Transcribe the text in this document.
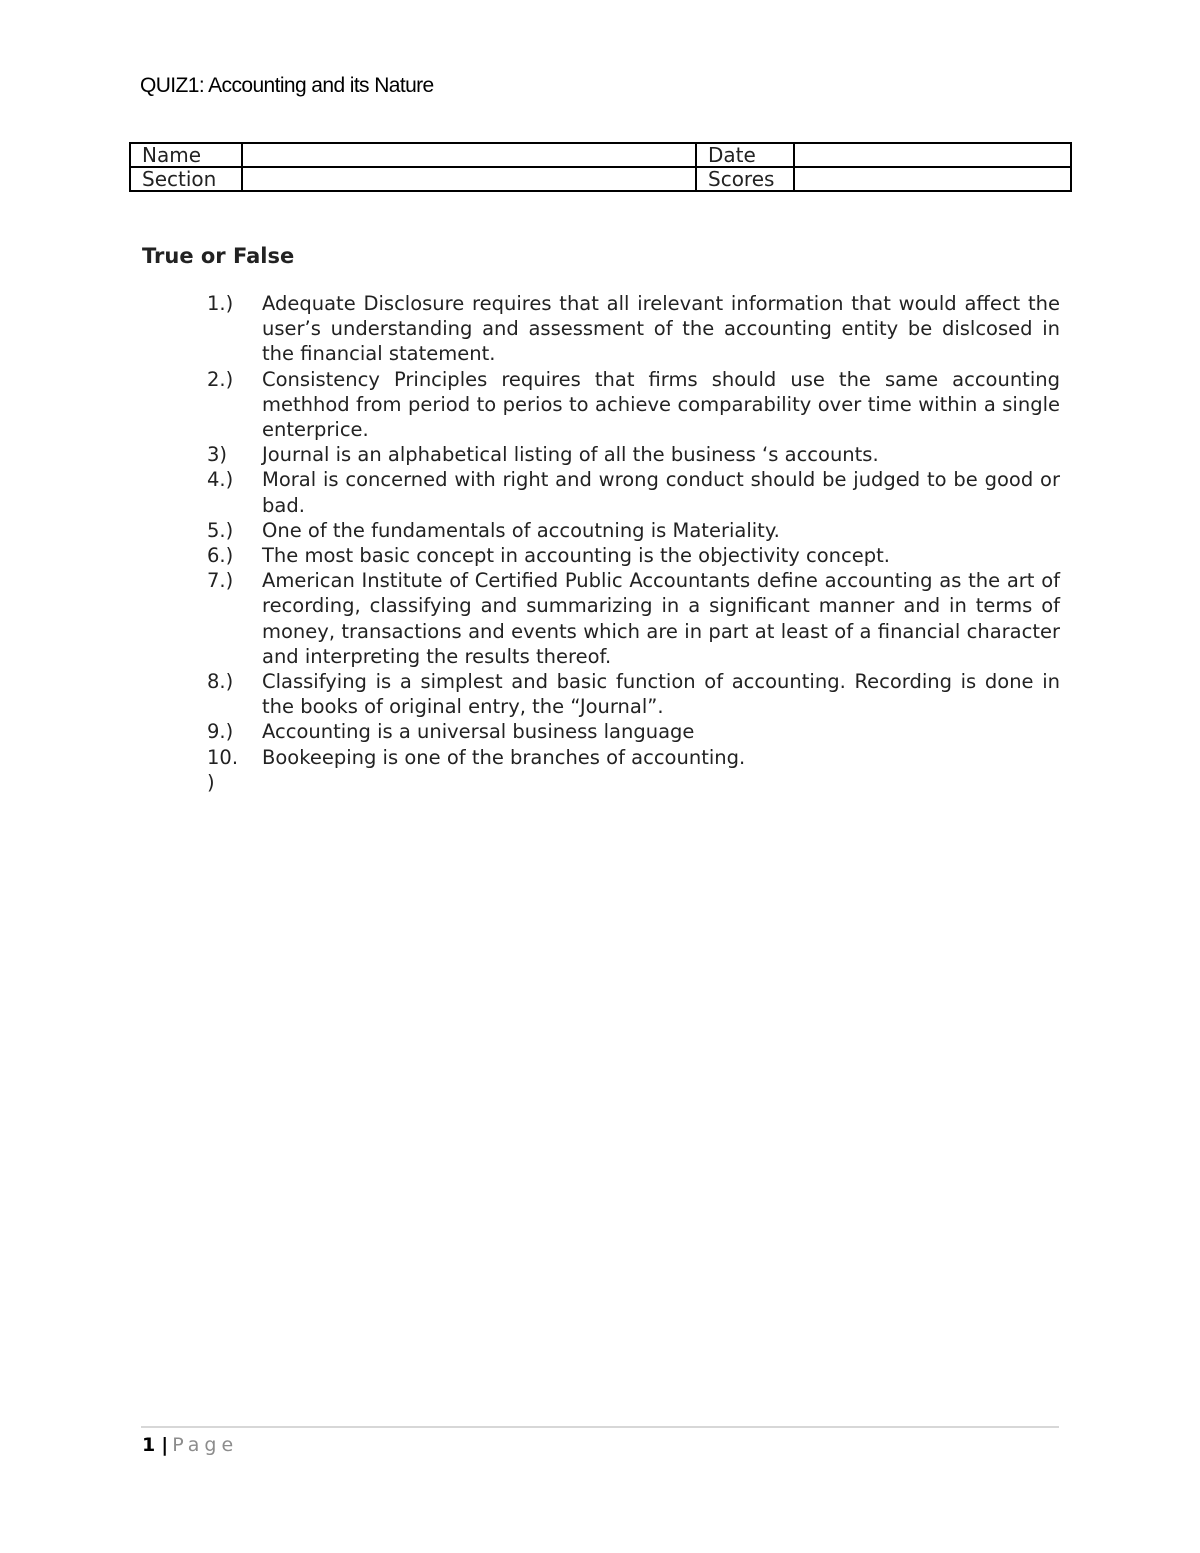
QUIZ1: Accounting and its Nature
Name		Date	
Section		Scores	
True or False
1.)	Adequate Disclosure requires that all irelevant information that would affect the user’s understanding and assessment of the accounting entity be dislcosed in the financial statement.
2.)	Consistency Principles requires that firms should use the same accounting methhod from period to perios to achieve comparability over time within a single enterprice.
3)	Journal is an alphabetical listing of all the business ‘s accounts.
4.)	Moral is concerned with right and wrong conduct should be judged to be good or bad.
5.)	One of the fundamentals of accoutning is Materiality.
6.)	The most basic concept in accounting is the objectivity concept.
7.)	American Institute of Certified Public Accountants define accounting as the art of recording, classifying and summarizing in a significant manner and in terms of money, transactions and events which are in part at least of a financial character and interpreting the results thereof.
8.)	Classifying is a simplest and basic function of accounting. Recording is done in the books of original entry, the “Journal”.
9.)	Accounting is a universal business language
10.
)
Bookeeping is one of the branches of accounting.
1 | Page
